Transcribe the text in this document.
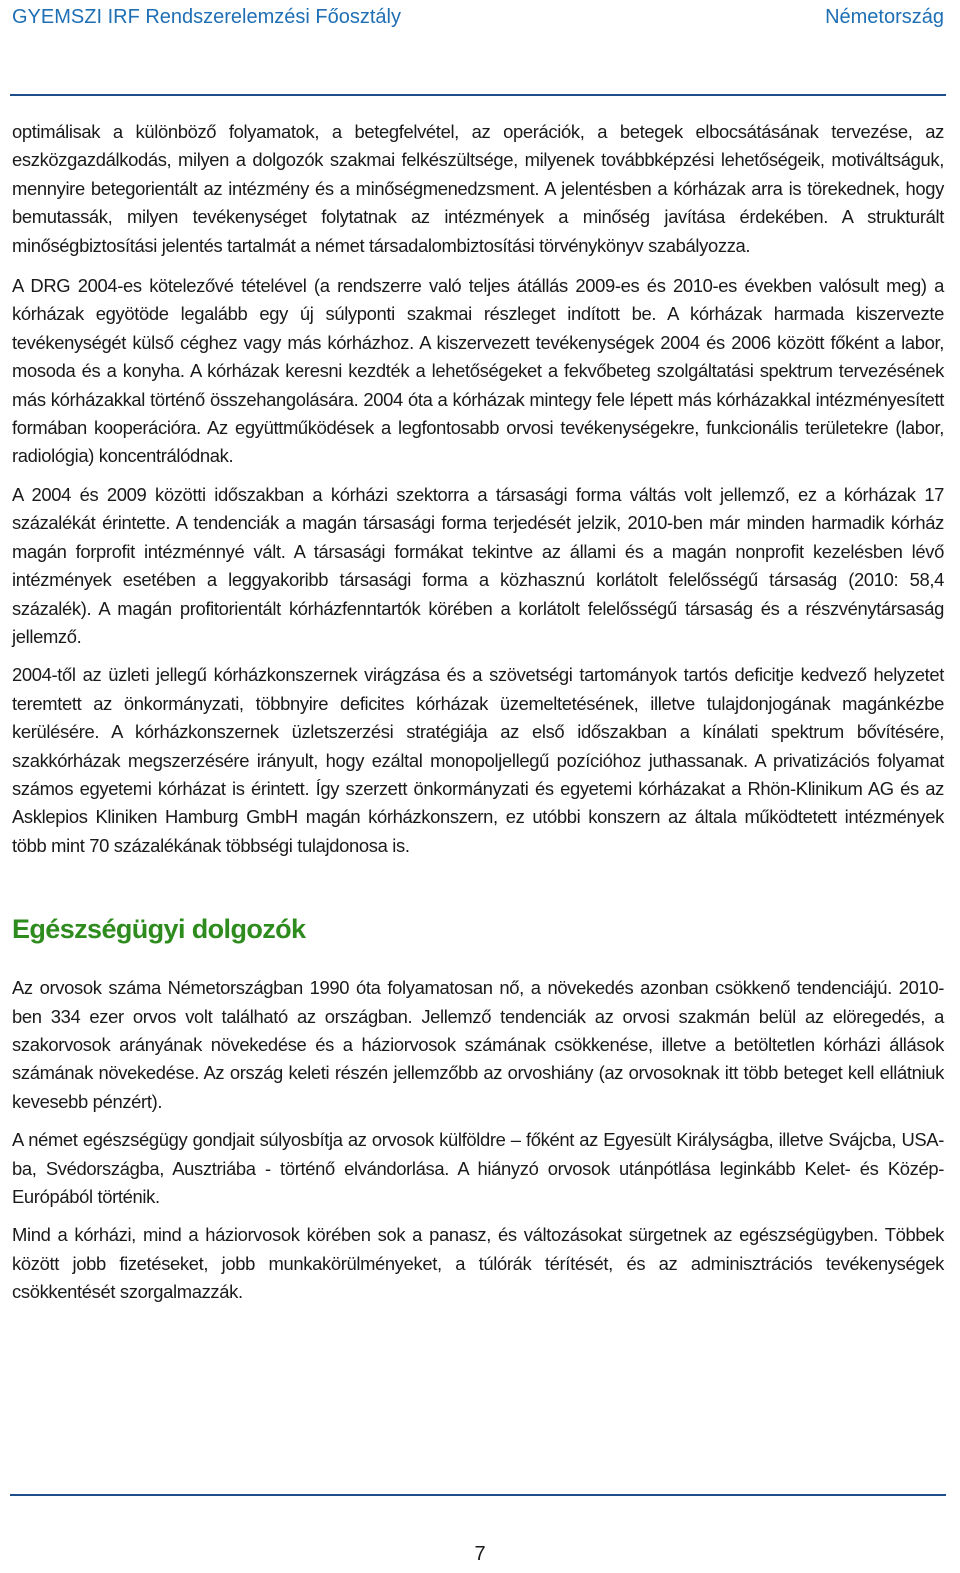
GYEMSZI IRF Rendszerelemzési Főosztály	Németország

optimálisak a különböző folyamatok, a betegfelvétel, az operációk, a betegek elbocsátásának tervezése, az eszközgazdálkodás, milyen a dolgozók szakmai felkészültsége, milyenek továbbképzési lehetőségeik, motiváltságuk, mennyire betegorientált az intézmény és a minőségmenedzsment. A jelentésben a kórházak arra is törekednek, hogy bemutassák, milyen tevékenységet folytatnak az intézmények a minőség javítása érdekében. A strukturált minőségbiztosítási jelentés tartalmát a német társadalombiztosítási törvénykönyv szabályozza.

A DRG 2004-es kötelezővé tételével (a rendszerre való teljes átállás 2009-es és 2010-es években valósult meg) a kórházak egyötöde legalább egy új súlyponti szakmai részleget indított be. A kórházak harmada kiszervezte tevékenységét külső céghez vagy más kórházhoz. A kiszervezett tevékenységek 2004 és 2006 között főként a labor, mosoda és a konyha. A kórházak keresni kezdték a lehetőségeket a fekvőbeteg szolgáltatási spektrum tervezésének más kórházakkal történő összehangolására. 2004 óta a kórházak mintegy fele lépett más kórházakkal intézményesített formában kooperációra. Az együttműködések a legfontosabb orvosi tevékenységekre, funkcionális területekre (labor, radiológia) koncentrálódnak.

A 2004 és 2009 közötti időszakban a kórházi szektorra a társasági forma váltás volt jellemző, ez a kórházak 17 százalékát érintette. A tendenciák a magán társasági forma terjedését jelzik, 2010-ben már minden harmadik kórház magán forprofit intézménnyé vált. A társasági formákat tekintve az állami és a magán nonprofit kezelésben lévő intézmények esetében a leggyakoribb társasági forma a közhasznú korlátolt felelősségű társaság (2010: 58,4 százalék). A magán profitorientált kórházfenntartók körében a korlátolt felelősségű társaság és a részvénytársaság jellemző.

2004-től az üzleti jellegű kórházkonszernek virágzása és a szövetségi tartományok tartós deficitje kedvező helyzetet teremtett az önkormányzati, többnyire deficites kórházak üzemeltetésének, illetve tulajdonjogának magánkézbe kerülésére. A kórházkonszernek üzletszerzési stratégiája az első időszakban a kínálati spektrum bővítésére, szakkórházak megszerzésére irányult, hogy ezáltal monopoljellegű pozícióhoz juthassanak. A privatizációs folyamat számos egyetemi kórházat is érintett. Így szerzett önkormányzati és egyetemi kórházakat a Rhön-Klinikum AG és az Asklepios Kliniken Hamburg GmbH magán kórházkonszern, ez utóbbi konszern az általa működtetett intézmények több mint 70 százalékának többségi tulajdonosa is.

Egészségügyi dolgozók

Az orvosok száma Németországban 1990 óta folyamatosan nő, a növekedés azonban csökkenő tendenciájú. 2010-ben 334 ezer orvos volt található az országban. Jellemző tendenciák az orvosi szakmán belül az elöregedés, a szakorvosok arányának növekedése és a háziorvosok számának csökkenése, illetve a betöltetlen kórházi állások számának növekedése. Az ország keleti részén jellemzőbb az orvoshiány (az orvosoknak itt több beteget kell ellátniuk kevesebb pénzért).

A német egészségügy gondjait súlyosbítja az orvosok külföldre – főként az Egyesült Királyságba, illetve Svájcba, USA-ba, Svédországba, Ausztriába - történő elvándorlása. A hiányzó orvosok utánpótlása leginkább Kelet- és Közép-Európából történik.

Mind a kórházi, mind a háziorvosok körében sok a panasz, és változásokat sürgetnek az egészségügyben. Többek között jobb fizetéseket, jobb munkakörülményeket, a túlórák térítését, és az adminisztrációs tevékenységek csökkentését szorgalmazzák.

7
